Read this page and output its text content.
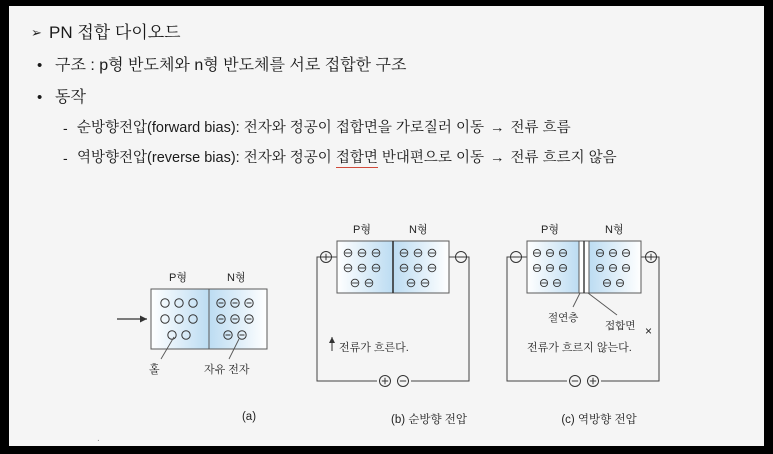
➢ PN 접합 다이오드
• 구조 : p형 반도체와 n형 반도체를 서로 접합한 구조
• 동작
- 순방향전압(forward bias): 전자와 정공이 접합면을 가로질러 이동 → 전류 흐름
- 역방향전압(reverse bias): 전자와 정공이 접합면 반대편으로 이동 → 전류 흐르지 않음
P형	N형
홀	자유 전자
P형	N형
전류가 흐른다.
P형	N형
절연층
접합면 ×
전류가 흐르지 않는다.
(a)	(b) 순방향 전압	(c) 역방향 전압
.
